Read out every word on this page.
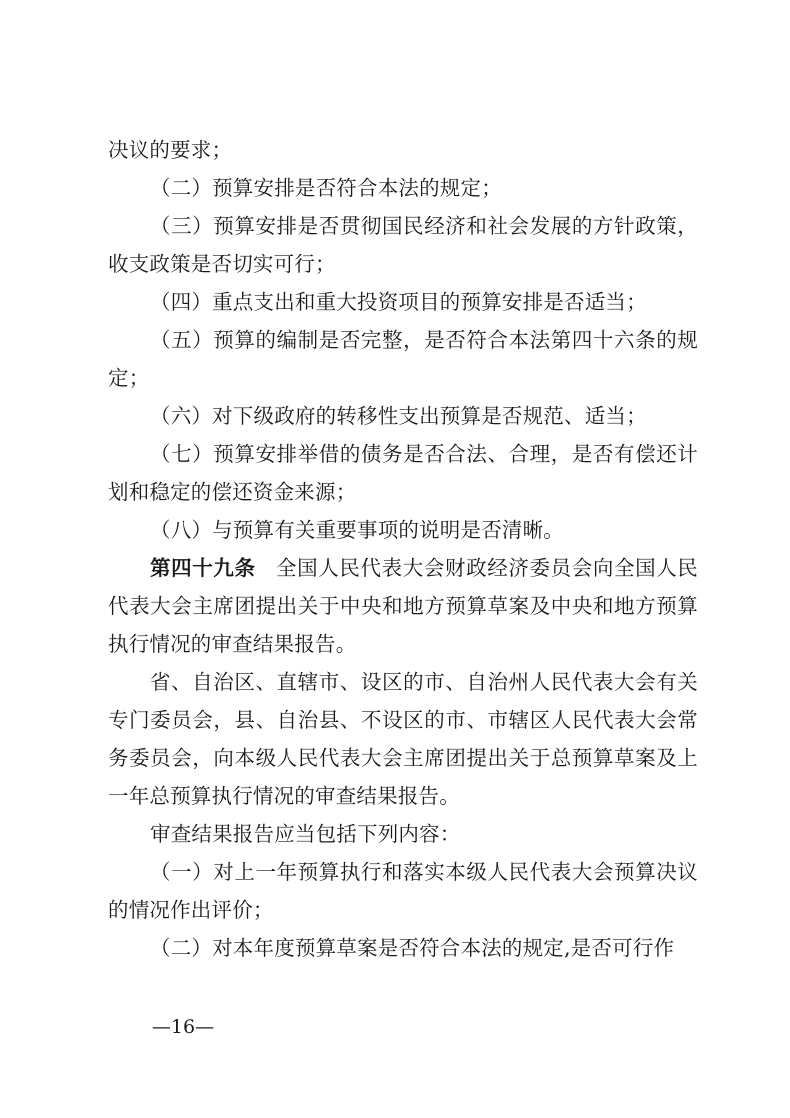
决议的要求；

（二）预算安排是否符合本法的规定；

（三）预算安排是否贯彻国民经济和社会发展的方针政策，收支政策是否切实可行；

（四）重点支出和重大投资项目的预算安排是否适当；

（五）预算的编制是否完整，是否符合本法第四十六条的规定；

（六）对下级政府的转移性支出预算是否规范、适当；

（七）预算安排举借的债务是否合法、合理，是否有偿还计划和稳定的偿还资金来源；

（八）与预算有关重要事项的说明是否清晰。

第四十九条 全国人民代表大会财政经济委员会向全国人民代表大会主席团提出关于中央和地方预算草案及中央和地方预算执行情况的审查结果报告。

省、自治区、直辖市、设区的市、自治州人民代表大会有关专门委员会，县、自治县、不设区的市、市辖区人民代表大会常务委员会，向本级人民代表大会主席团提出关于总预算草案及上一年总预算执行情况的审查结果报告。

审查结果报告应当包括下列内容：

（一）对上一年预算执行和落实本级人民代表大会预算决议的情况作出评价；

（二）对本年度预算草案是否符合本法的规定,是否可行作

—16—
